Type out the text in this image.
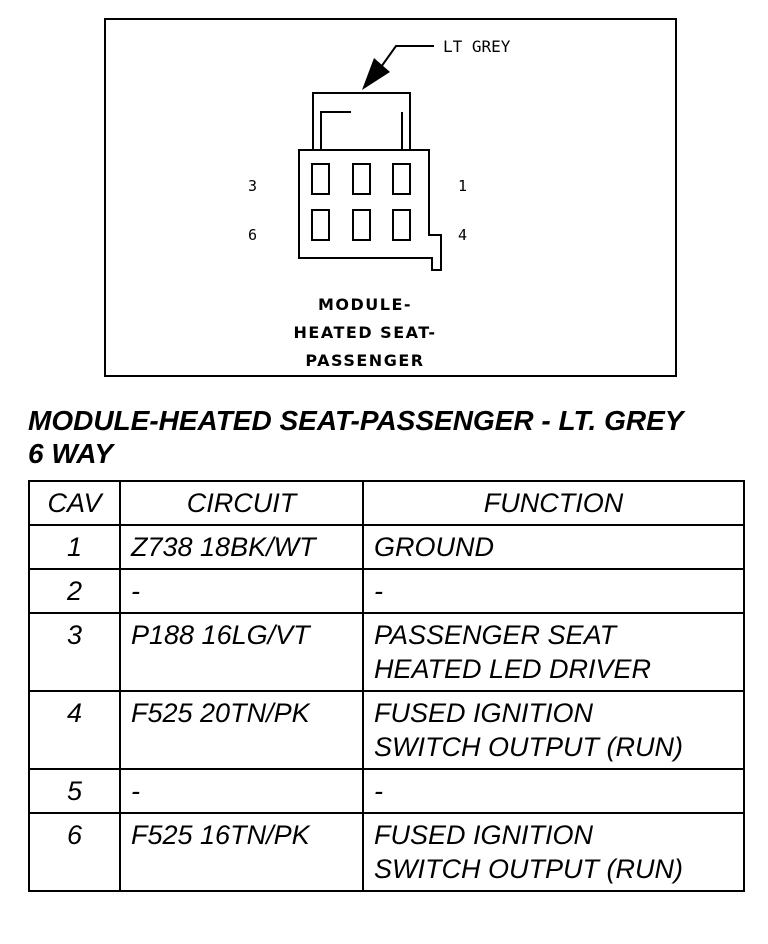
LT GREY
3	1
6	4
MODULE-
HEATED SEAT-
PASSENGER
MODULE-HEATED SEAT-PASSENGER - LT. GREY
6 WAY
CAV	CIRCUIT	FUNCTION
1	Z738 18BK/WT	GROUND

2	-	-

3	P188 16LG/VT	PASSENGER SEAT
HEATED LED DRIVER

4	F525 20TN/PK	FUSED IGNITION
SWITCH OUTPUT (RUN)

5	-	-

6	F525 16TN/PK	FUSED IGNITION
SWITCH OUTPUT (RUN)
